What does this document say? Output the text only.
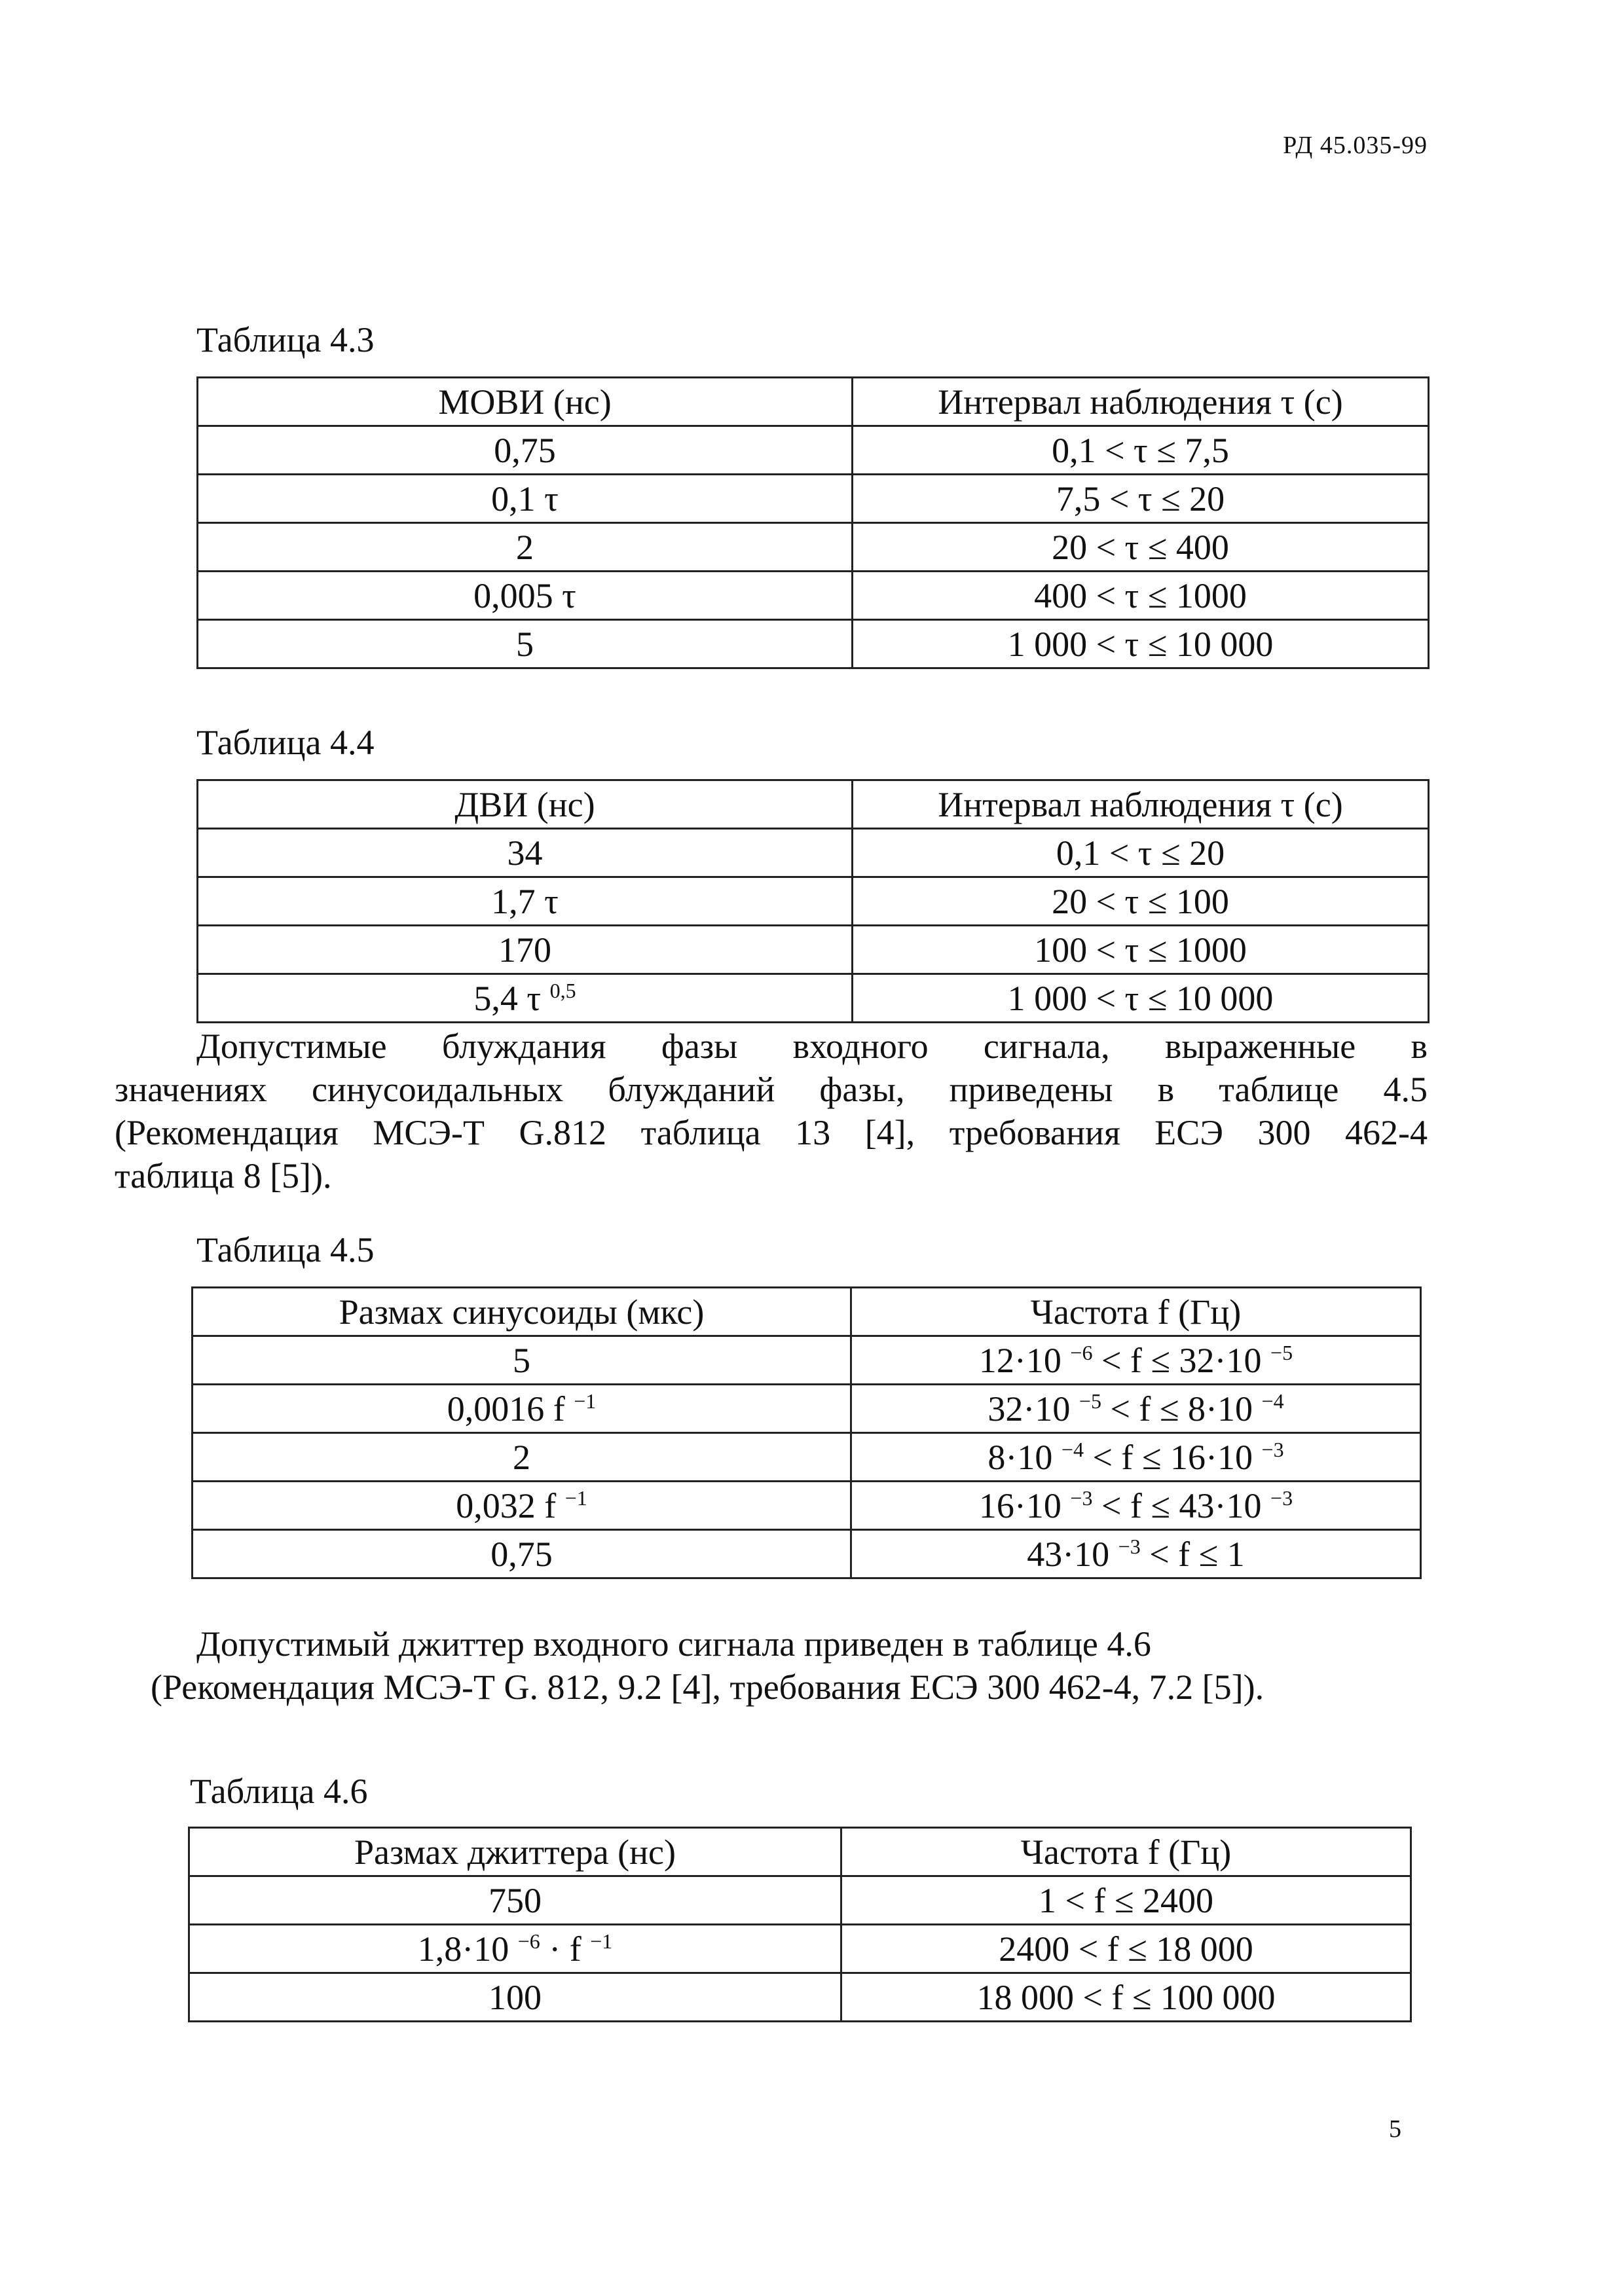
РД 45.035-99
Таблица 4.3
МОВИ (нс)	Интервал наблюдения τ (с)
0,75	0,1 < τ ≤ 7,5
0,1 τ	7,5 < τ ≤ 20
2	20 < τ ≤ 400
0,005 τ	400 < τ ≤ 1000
5	1 000 < τ ≤ 10 000
Таблица 4.4
ДВИ (нс)	Интервал наблюдения τ (с)
34	0,1 < τ ≤ 20
1,7 τ	20 < τ ≤ 100
170	100 < τ ≤ 1000
5,4 τ $^{0,5}$	1 000 < τ ≤ 10 000
Допустимые блуждания фазы входного сигнала, выраженные в
значениях синусоидальных блужданий фазы, приведены в таблице 4.5
(Рекомендация МСЭ-Т G.812 таблица 13 [4], требования ЕСЭ 300 462-4
таблица 8 [5]).
Таблица 4.5
Размах синусоиды (мкс)	Частота f (Гц)
5	12·10 $^{-6}$ < f ≤ 32·10 $^{-5}$
0,0016 f $^{-1}$	32·10 $^{-5}$ < f ≤ 8·10 $^{-4}$
2	8·10 $^{-4}$ < f ≤ 16·10 $^{-3}$
0,032 f $^{-1}$	16·10 $^{-3}$ < f ≤ 43·10 $^{-3}$
0,75	43·10 $^{-3}$ < f ≤ 1
Допустимый джиттер входного сигнала приведен в таблице 4.6
(Рекомендация МСЭ-Т G. 812, 9.2 [4], требования ЕСЭ 300 462-4, 7.2 [5]).
Таблица 4.6
Размах джиттера (нс)	Частота f (Гц)
750	1 < f ≤ 2400
1,8·10 $^{-6}$ · f $^{-1}$	2400 < f ≤ 18 000
100	18 000 < f ≤ 100 000
5
